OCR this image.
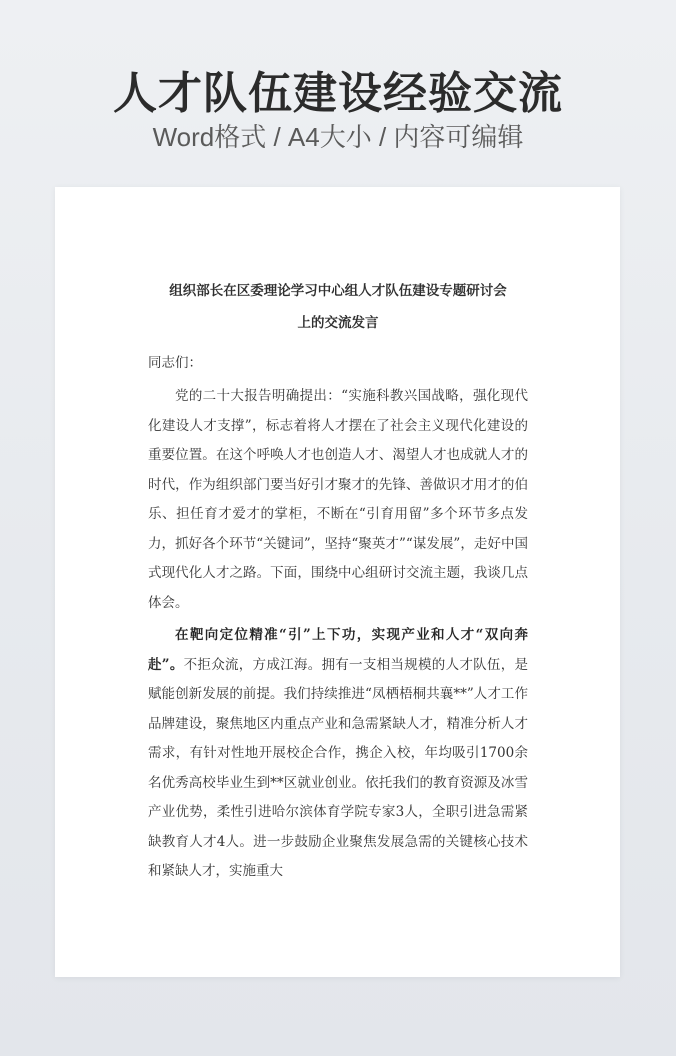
人才队伍建设经验交流
Word格式 / A4大小 / 内容可编辑
组织部长在区委理论学习中心组人才队伍建设专题研讨会
上的交流发言

同志们：

党的二十大报告明确提出：“实施科教兴国战略，强化现代化建设人才支撑”，标志着将人才摆在了社会主义现代化建设的重要位置。在这个呼唤人才也创造人才、渴望人才也成就人才的时代，作为组织部门要当好引才聚才的先锋、善做识才用才的伯乐、担任育才爱才的掌柜，不断在“引育用留”多个环节多点发力，抓好各个环节“关键词”，坚持“聚英才”“谋发展”，走好中国式现代化人才之路。下面，围绕中心组研讨交流主题，我谈几点体会。

在靶向定位精准“引”上下功，实现产业和人才“双向奔赴”。不拒众流，方成江海。拥有一支相当规模的人才队伍，是赋能创新发展的前提。我们持续推进“凤栖梧桐共襄**”人才工作品牌建设，聚焦地区内重点产业和急需紧缺人才，精准分析人才需求，有针对性地开展校企合作，携企入校，年均吸引1700余名优秀高校毕业生到**区就业创业。依托我们的教育资源及冰雪产业优势，柔性引进哈尔滨体育学院专家3人，全职引进急需紧缺教育人才4人。进一步鼓励企业聚焦发展急需的关键核心技术和紧缺人才，实施重大
